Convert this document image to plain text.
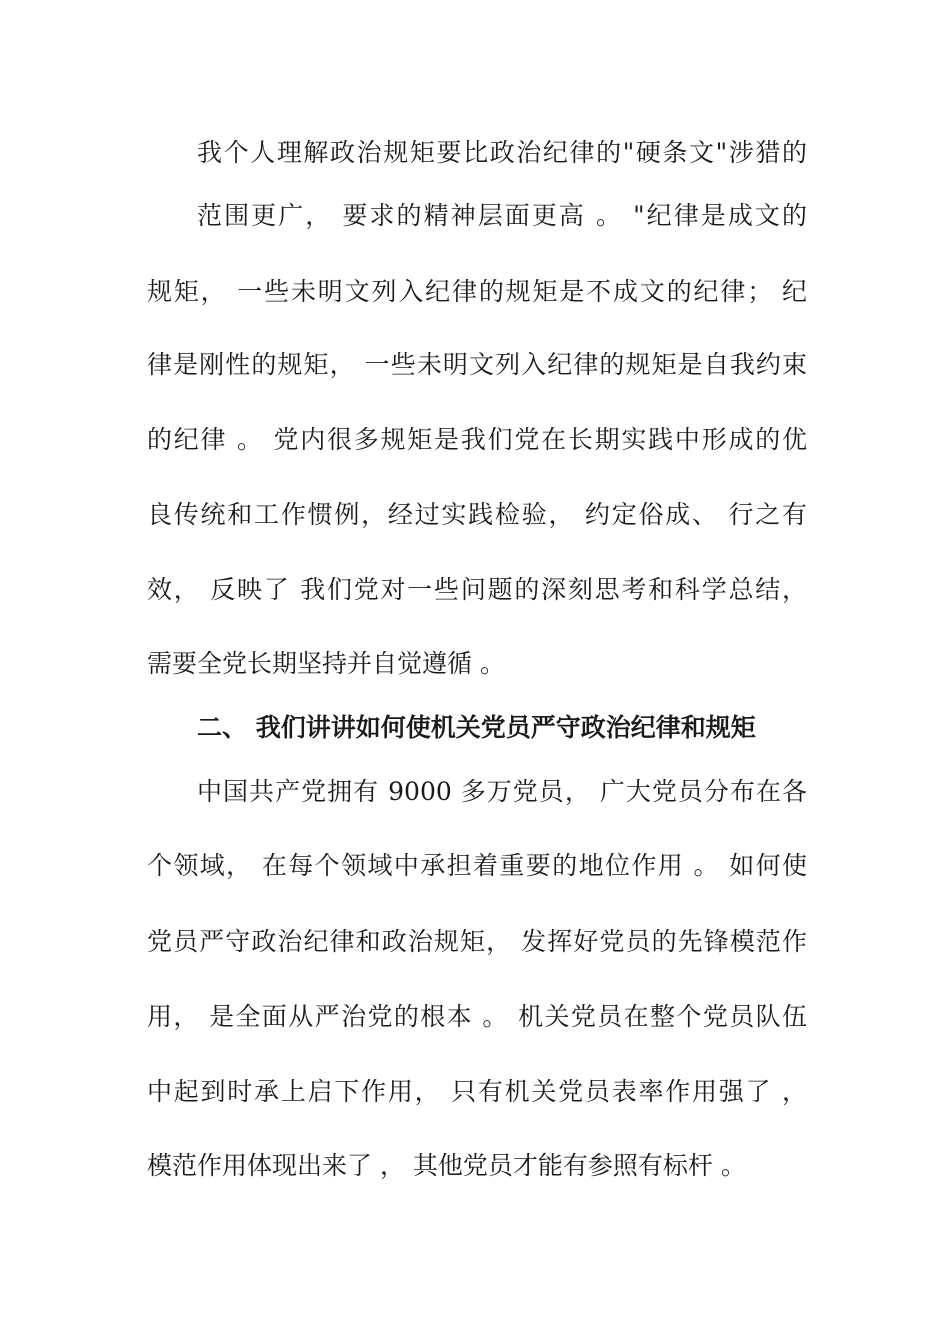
我个人理解政治规矩要比政治纪律的"硬条文"涉猎的
范围更广， 要求的精神层面更高 。 "纪律是成文的
规矩， 一些未明文列入纪律的规矩是不成文的纪律； 纪
律是刚性的规矩， 一些未明文列入纪律的规矩是自我约束
的纪律 。 党内很多规矩是我们党在长期实践中形成的优
良传统和工作惯例，经过实践检验， 约定俗成、 行之有
效， 反映了 我们党对一些问题的深刻思考和科学总结，
需要全党长期坚持并自觉遵循 。
二、 我们讲讲如何使机关党员严守政治纪律和规矩
中国共产党拥有 9000 多万党员， 广大党员分布在各
个领域， 在每个领域中承担着重要的地位作用 。 如何使
党员严守政治纪律和政治规矩， 发挥好党员的先锋模范作
用， 是全面从严治党的根本 。 机关党员在整个党员队伍
中起到时承上启下作用， 只有机关党员表率作用强了 ，
模范作用体现出来了 ， 其他党员才能有参照有标杆 。
